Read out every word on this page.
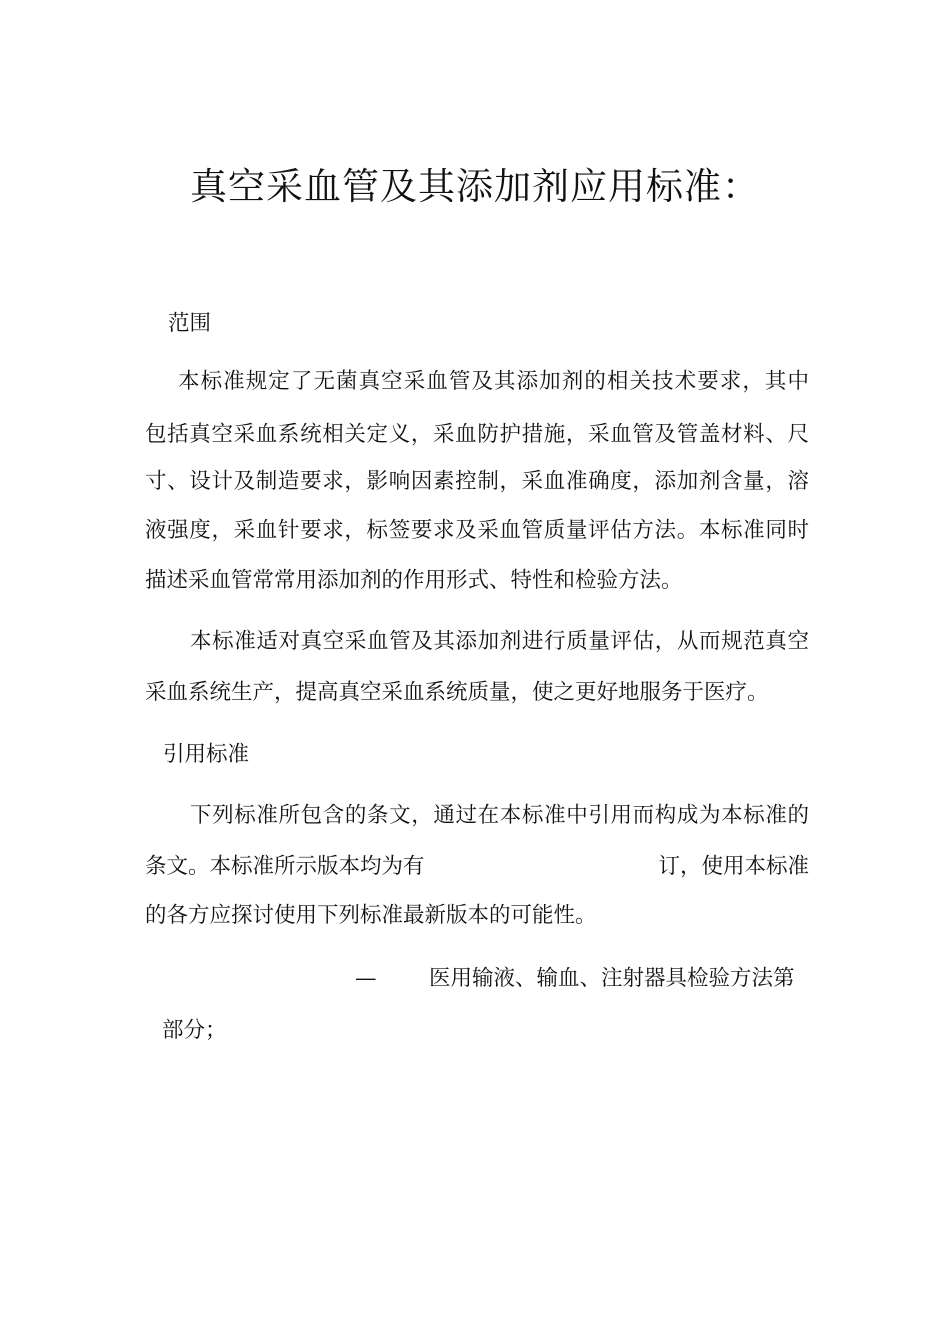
真空采血管及其添加剂应用标准：
范围
本标准规定了无菌真空采血管及其添加剂的相关技术要求，其中
包括真空采血系统相关定义，采血防护措施，采血管及管盖材料、尺
寸、设计及制造要求，影响因素控制，采血准确度，添加剂含量，溶
液强度，采血针要求，标签要求及采血管质量评估方法。本标准同时
描述采血管常常用添加剂的作用形式、特性和检验方法。
本标准适对真空采血管及其添加剂进行质量评估，从而规范真空
采血系统生产，提高真空采血系统质量，使之更好地服务于医疗。
引用标准
下列标准所包含的条文，通过在本标准中引用而构成为本标准的
条文。本标准所示版本均为有	订，使用本标准
的各方应探讨使用下列标准最新版本的可能性。
— 医用输液、输血、注射器具检验方法第
部分；
